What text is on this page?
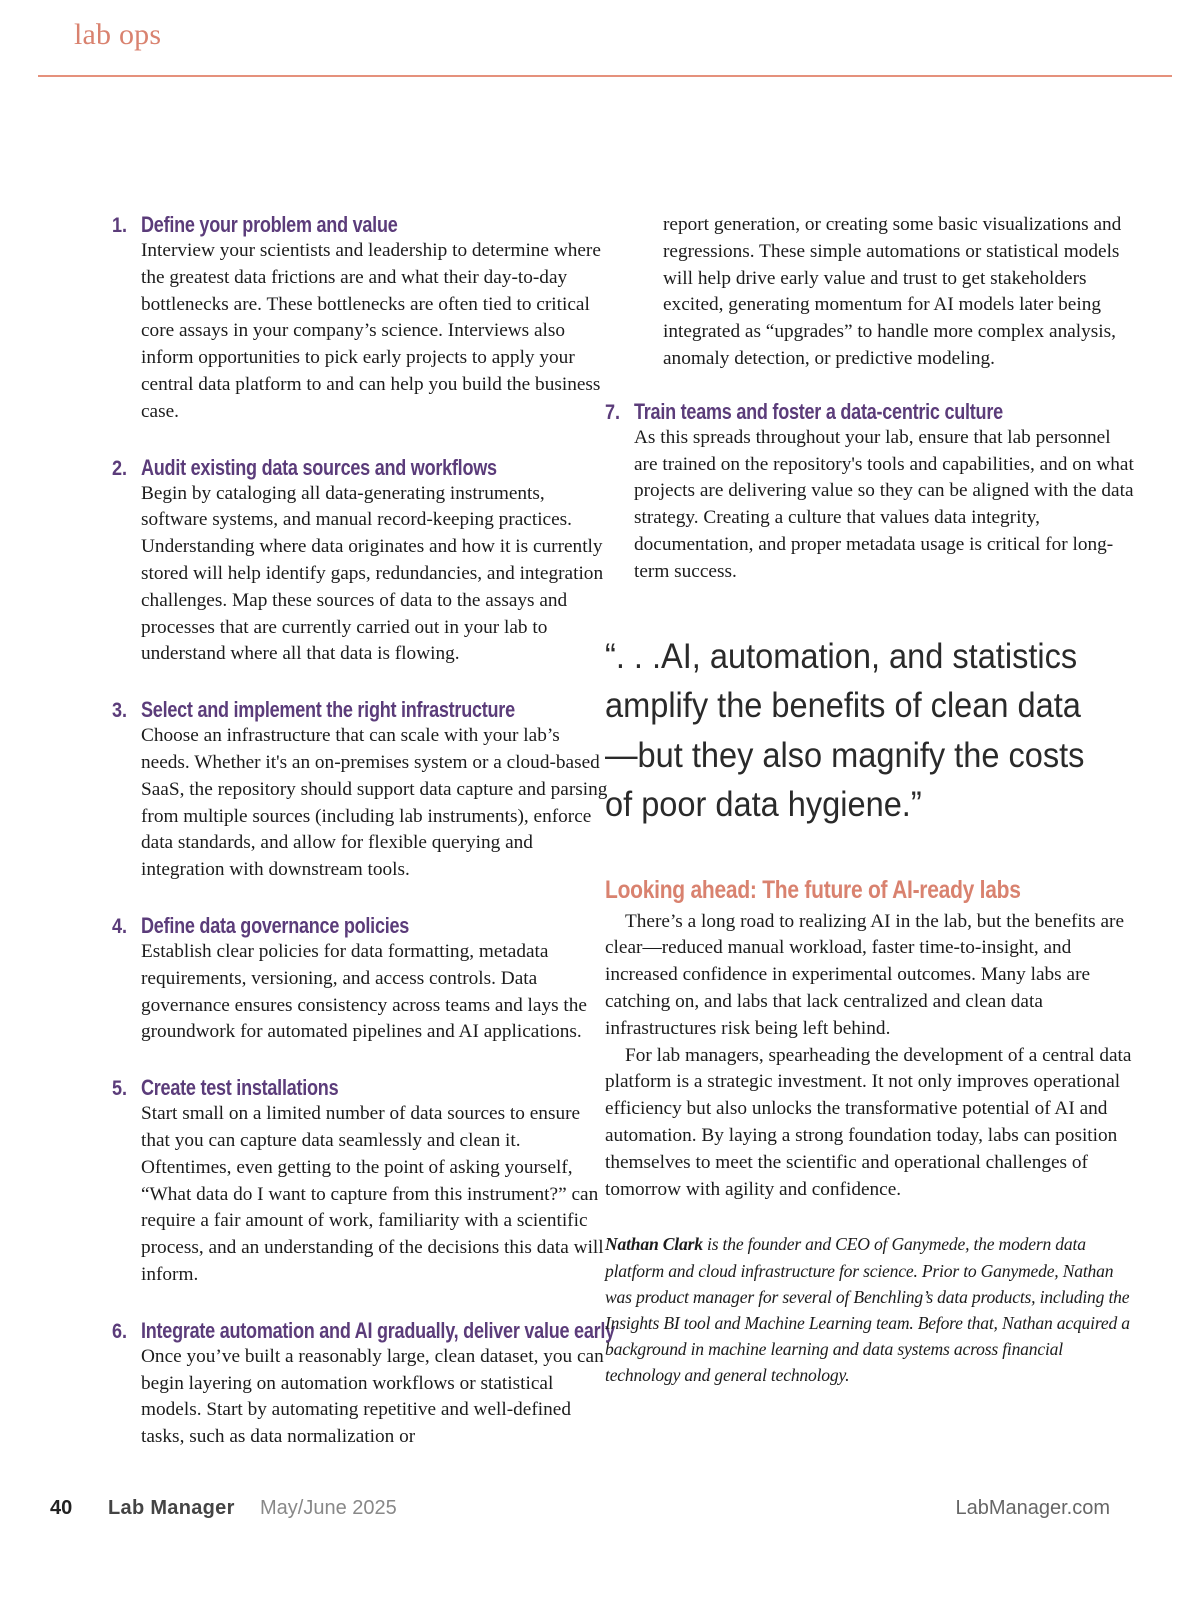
lab ops
1. Define your problem and value
Interview your scientists and leadership to determine where the greatest data frictions are and what their day-to-day bottlenecks are. These bottlenecks are often tied to critical core assays in your company’s science. Interviews also inform opportunities to pick early projects to apply your central data platform to and can help you build the business case.
2. Audit existing data sources and workflows
Begin by cataloging all data-generating instruments, software systems, and manual record-keeping practices. Understanding where data originates and how it is currently stored will help identify gaps, redundancies, and integration challenges. Map these sources of data to the assays and processes that are currently carried out in your lab to understand where all that data is flowing.
3. Select and implement the right infrastructure
Choose an infrastructure that can scale with your lab’s needs. Whether it's an on-premises system or a cloud-based SaaS, the repository should support data capture and parsing from multiple sources (including lab instruments), enforce data standards, and allow for flexible querying and integration with downstream tools.
4. Define data governance policies
Establish clear policies for data formatting, metadata requirements, versioning, and access controls. Data governance ensures consistency across teams and lays the groundwork for automated pipelines and AI applications.
5. Create test installations
Start small on a limited number of data sources to ensure that you can capture data seamlessly and clean it. Oftentimes, even getting to the point of asking yourself, “What data do I want to capture from this instrument?” can require a fair amount of work, familiarity with a scientific process, and an understanding of the decisions this data will inform.
6. Integrate automation and AI gradually, deliver value early
Once you’ve built a reasonably large, clean dataset, you can begin layering on automation workflows or statistical models. Start by automating repetitive and well-defined tasks, such as data normalization or
report generation, or creating some basic visualizations and regressions. These simple automations or statistical models will help drive early value and trust to get stakeholders excited, generating momentum for AI models later being integrated as “upgrades” to handle more complex analysis, anomaly detection, or predictive modeling.
7. Train teams and foster a data-centric culture
As this spreads throughout your lab, ensure that lab personnel are trained on the repository's tools and capabilities, and on what projects are delivering value so they can be aligned with the data strategy. Creating a culture that values data integrity, documentation, and proper metadata usage is critical for long-term success.
“. . .AI, automation, and statistics amplify the benefits of clean data—but they also magnify the costs of poor data hygiene.”
Looking ahead: The future of AI-ready labs

There’s a long road to realizing AI in the lab, but the benefits are clear—reduced manual workload, faster time-to-insight, and increased confidence in experimental outcomes. Many labs are catching on, and labs that lack centralized and clean data infrastructures risk being left behind.

For lab managers, spearheading the development of a central data platform is a strategic investment. It not only improves operational efficiency but also unlocks the transformative potential of AI and automation. By laying a strong foundation today, labs can position themselves to meet the scientific and operational challenges of tomorrow with agility and confidence.

Nathan Clark is the founder and CEO of Ganymede, the modern data platform and cloud infrastructure for science. Prior to Ganymede, Nathan was product manager for several of Benchling’s data products, including the Insights BI tool and Machine Learning team. Before that, Nathan acquired a background in machine learning and data systems across financial technology and general technology.
40 Lab Manager May/June 2025	LabManager.com
